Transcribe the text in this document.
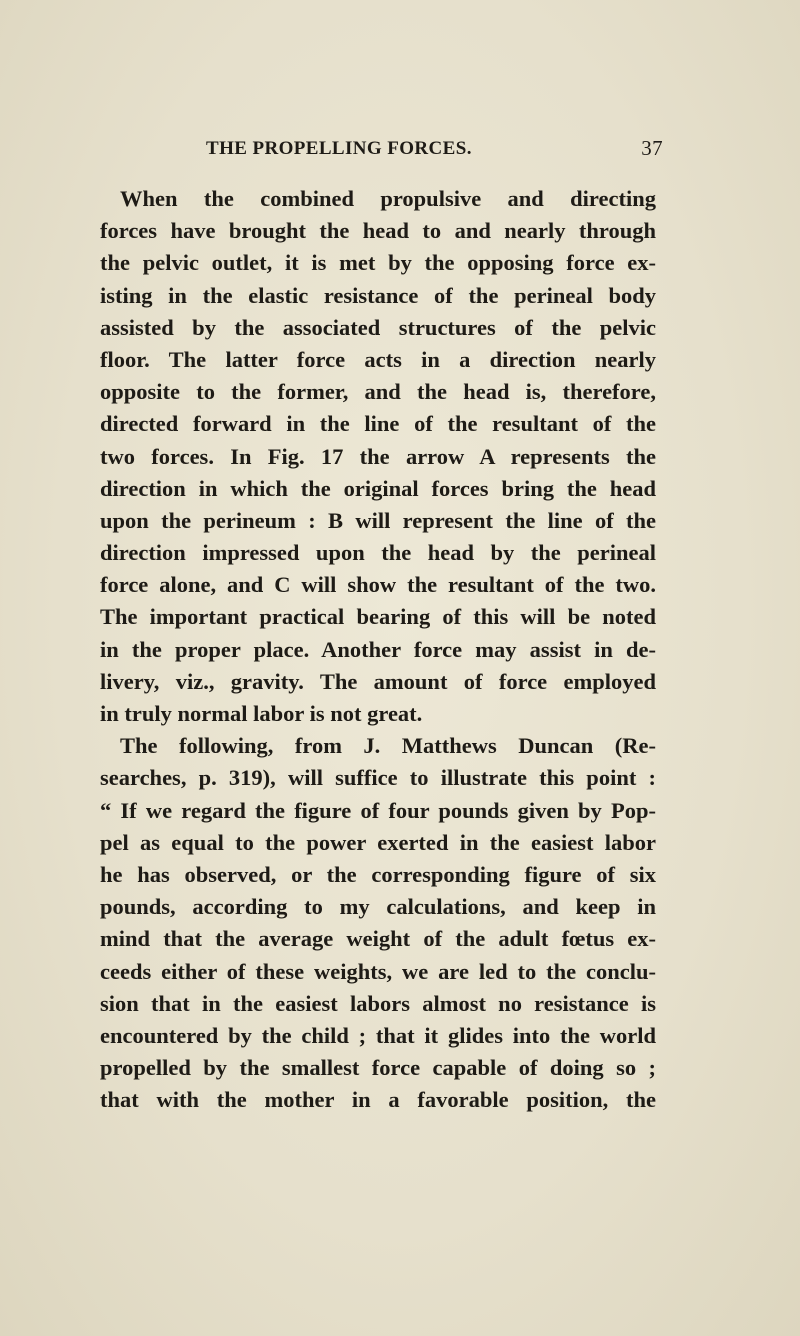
THE PROPELLING FORCES.	37
When the combined propulsive and directing
forces have brought the head to and nearly through
the pelvic outlet, it is met by the opposing force ex-
isting in the elastic resistance of the perineal body
assisted by the associated structures of the pelvic
floor. The latter force acts in a direction nearly
opposite to the former, and the head is, therefore,
directed forward in the line of the resultant of the
two forces. In Fig. 17 the arrow A represents the
direction in which the original forces bring the head
upon the perineum : B will represent the line of the
direction impressed upon the head by the perineal
force alone, and C will show the resultant of the two.
The important practical bearing of this will be noted
in the proper place. Another force may assist in de-
livery, viz., gravity. The amount of force employed
in truly normal labor is not great.
The following, from J. Matthews Duncan (Re-
searches, p. 319), will suffice to illustrate this point :
“ If we regard the figure of four pounds given by Pop-
pel as equal to the power exerted in the easiest labor
he has observed, or the corresponding figure of six
pounds, according to my calculations, and keep in
mind that the average weight of the adult fœtus ex-
ceeds either of these weights, we are led to the conclu-
sion that in the easiest labors almost no resistance is
encountered by the child ; that it glides into the world
propelled by the smallest force capable of doing so ;
that with the mother in a favorable position, the
